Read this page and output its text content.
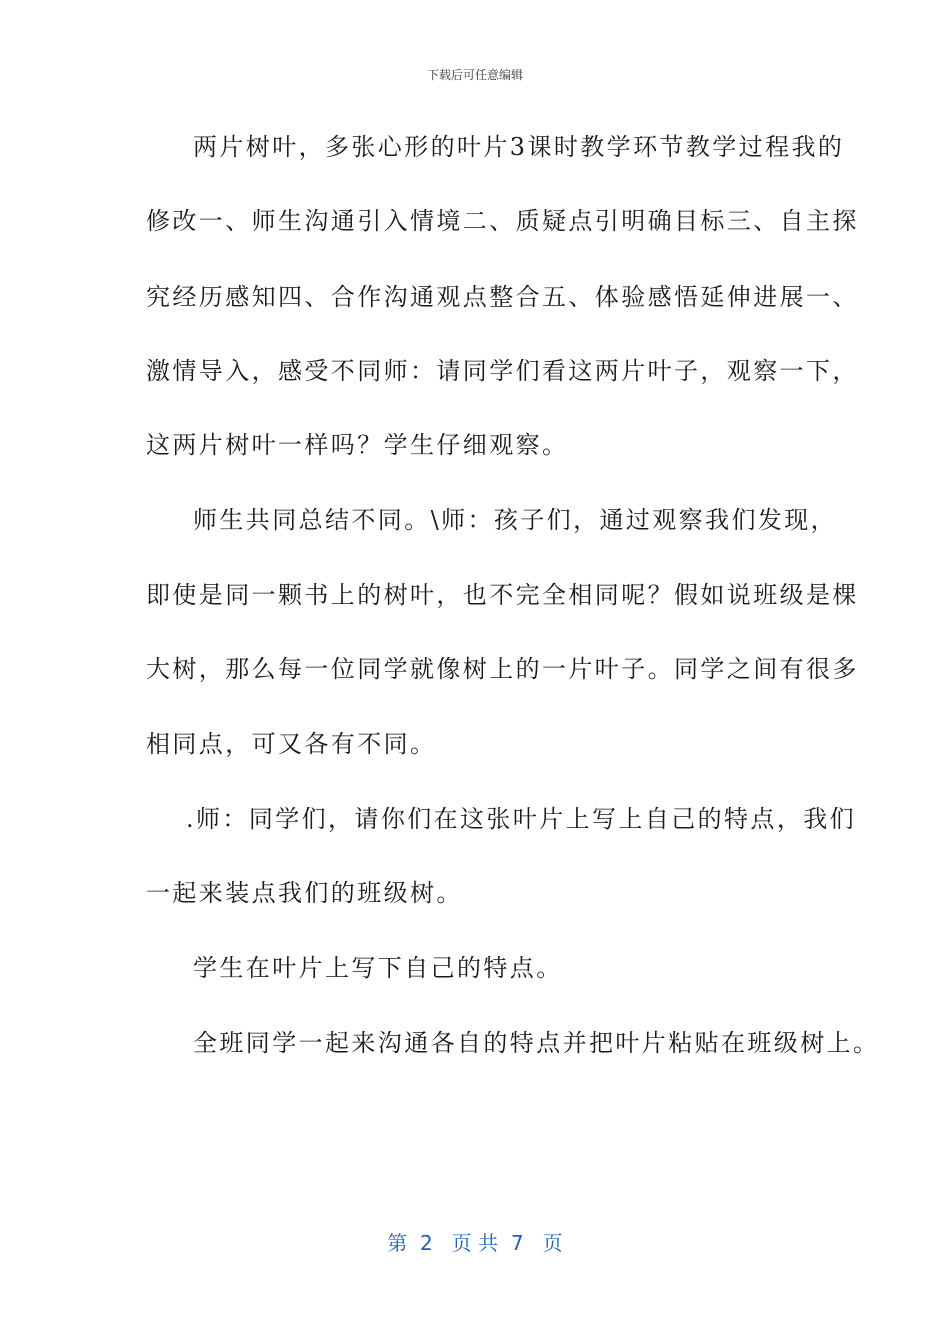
下载后可任意编辑
两片树叶，多张心形的叶片3课时教学环节教学过程我的
修改一、师生沟通引入情境二、质疑点引明确目标三、自主探
究经历感知四、合作沟通观点整合五、体验感悟延伸进展一、
激情导入，感受不同师：请同学们看这两片叶子，观察一下，
这两片树叶一样吗？学生仔细观察。
师生共同总结不同。\师：孩子们，通过观察我们发现，
即使是同一颗书上的树叶，也不完全相同呢？假如说班级是棵
大树，那么每一位同学就像树上的一片叶子。同学之间有很多
相同点，可又各有不同。
.师：同学们，请你们在这张叶片上写上自己的特点，我们
一起来装点我们的班级树。
学生在叶片上写下自己的特点。
全班同学一起来沟通各自的特点并把叶片粘贴在班级树上。
第  2   页 共  7   页
